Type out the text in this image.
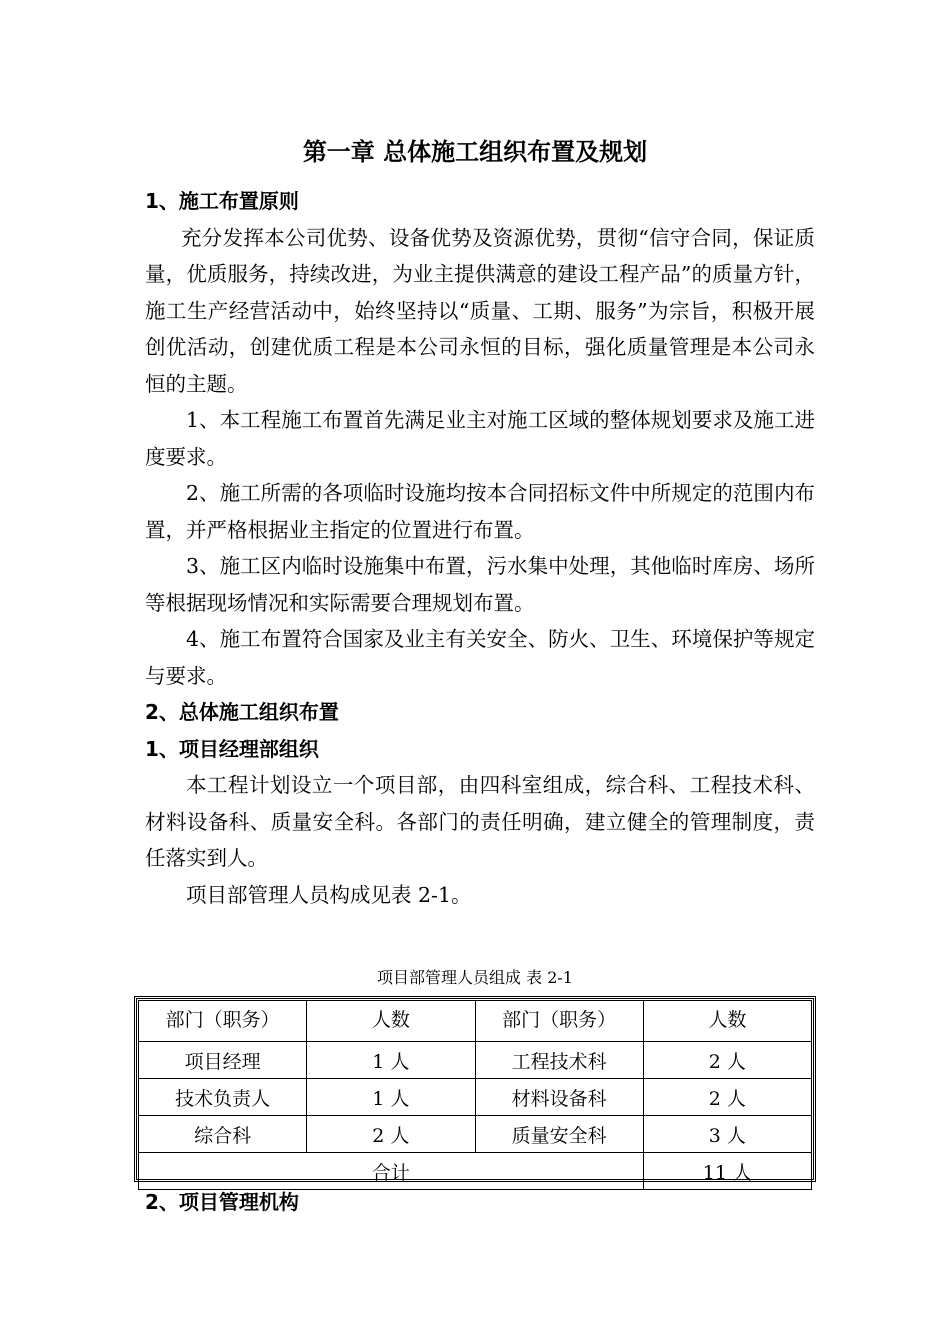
第一章 总体施工组织布置及规划
1、施工布置原则
充分发挥本公司优势、设备优势及资源优势，贯彻“信守合同，保证质量，优质服务，持续改进，为业主提供满意的建设工程产品”的质量方针，施工生产经营活动中，始终坚持以“质量、工期、服务”为宗旨，积极开展创优活动，创建优质工程是本公司永恒的目标，强化质量管理是本公司永恒的主题。
1、本工程施工布置首先满足业主对施工区域的整体规划要求及施工进度要求。
2、施工所需的各项临时设施均按本合同招标文件中所规定的范围内布置，并严格根据业主指定的位置进行布置。
3、施工区内临时设施集中布置，污水集中处理，其他临时库房、场所等根据现场情况和实际需要合理规划布置。
4、施工布置符合国家及业主有关安全、防火、卫生、环境保护等规定与要求。
2、总体施工组织布置
1、项目经理部组织
本工程计划设立一个项目部，由四科室组成，综合科、工程技术科、材料设备科、质量安全科。各部门的责任明确，建立健全的管理制度，责任落实到人。
项目部管理人员构成见表 2-1。
项目部管理人员组成 表 2-1
部门（职务）	人数	部门（职务）	人数
项目经理	1 人	工程技术科	2 人
技术负责人	1 人	材料设备科	2 人
综合科	2 人	质量安全科	3 人
合计			11 人
2、项目管理机构
